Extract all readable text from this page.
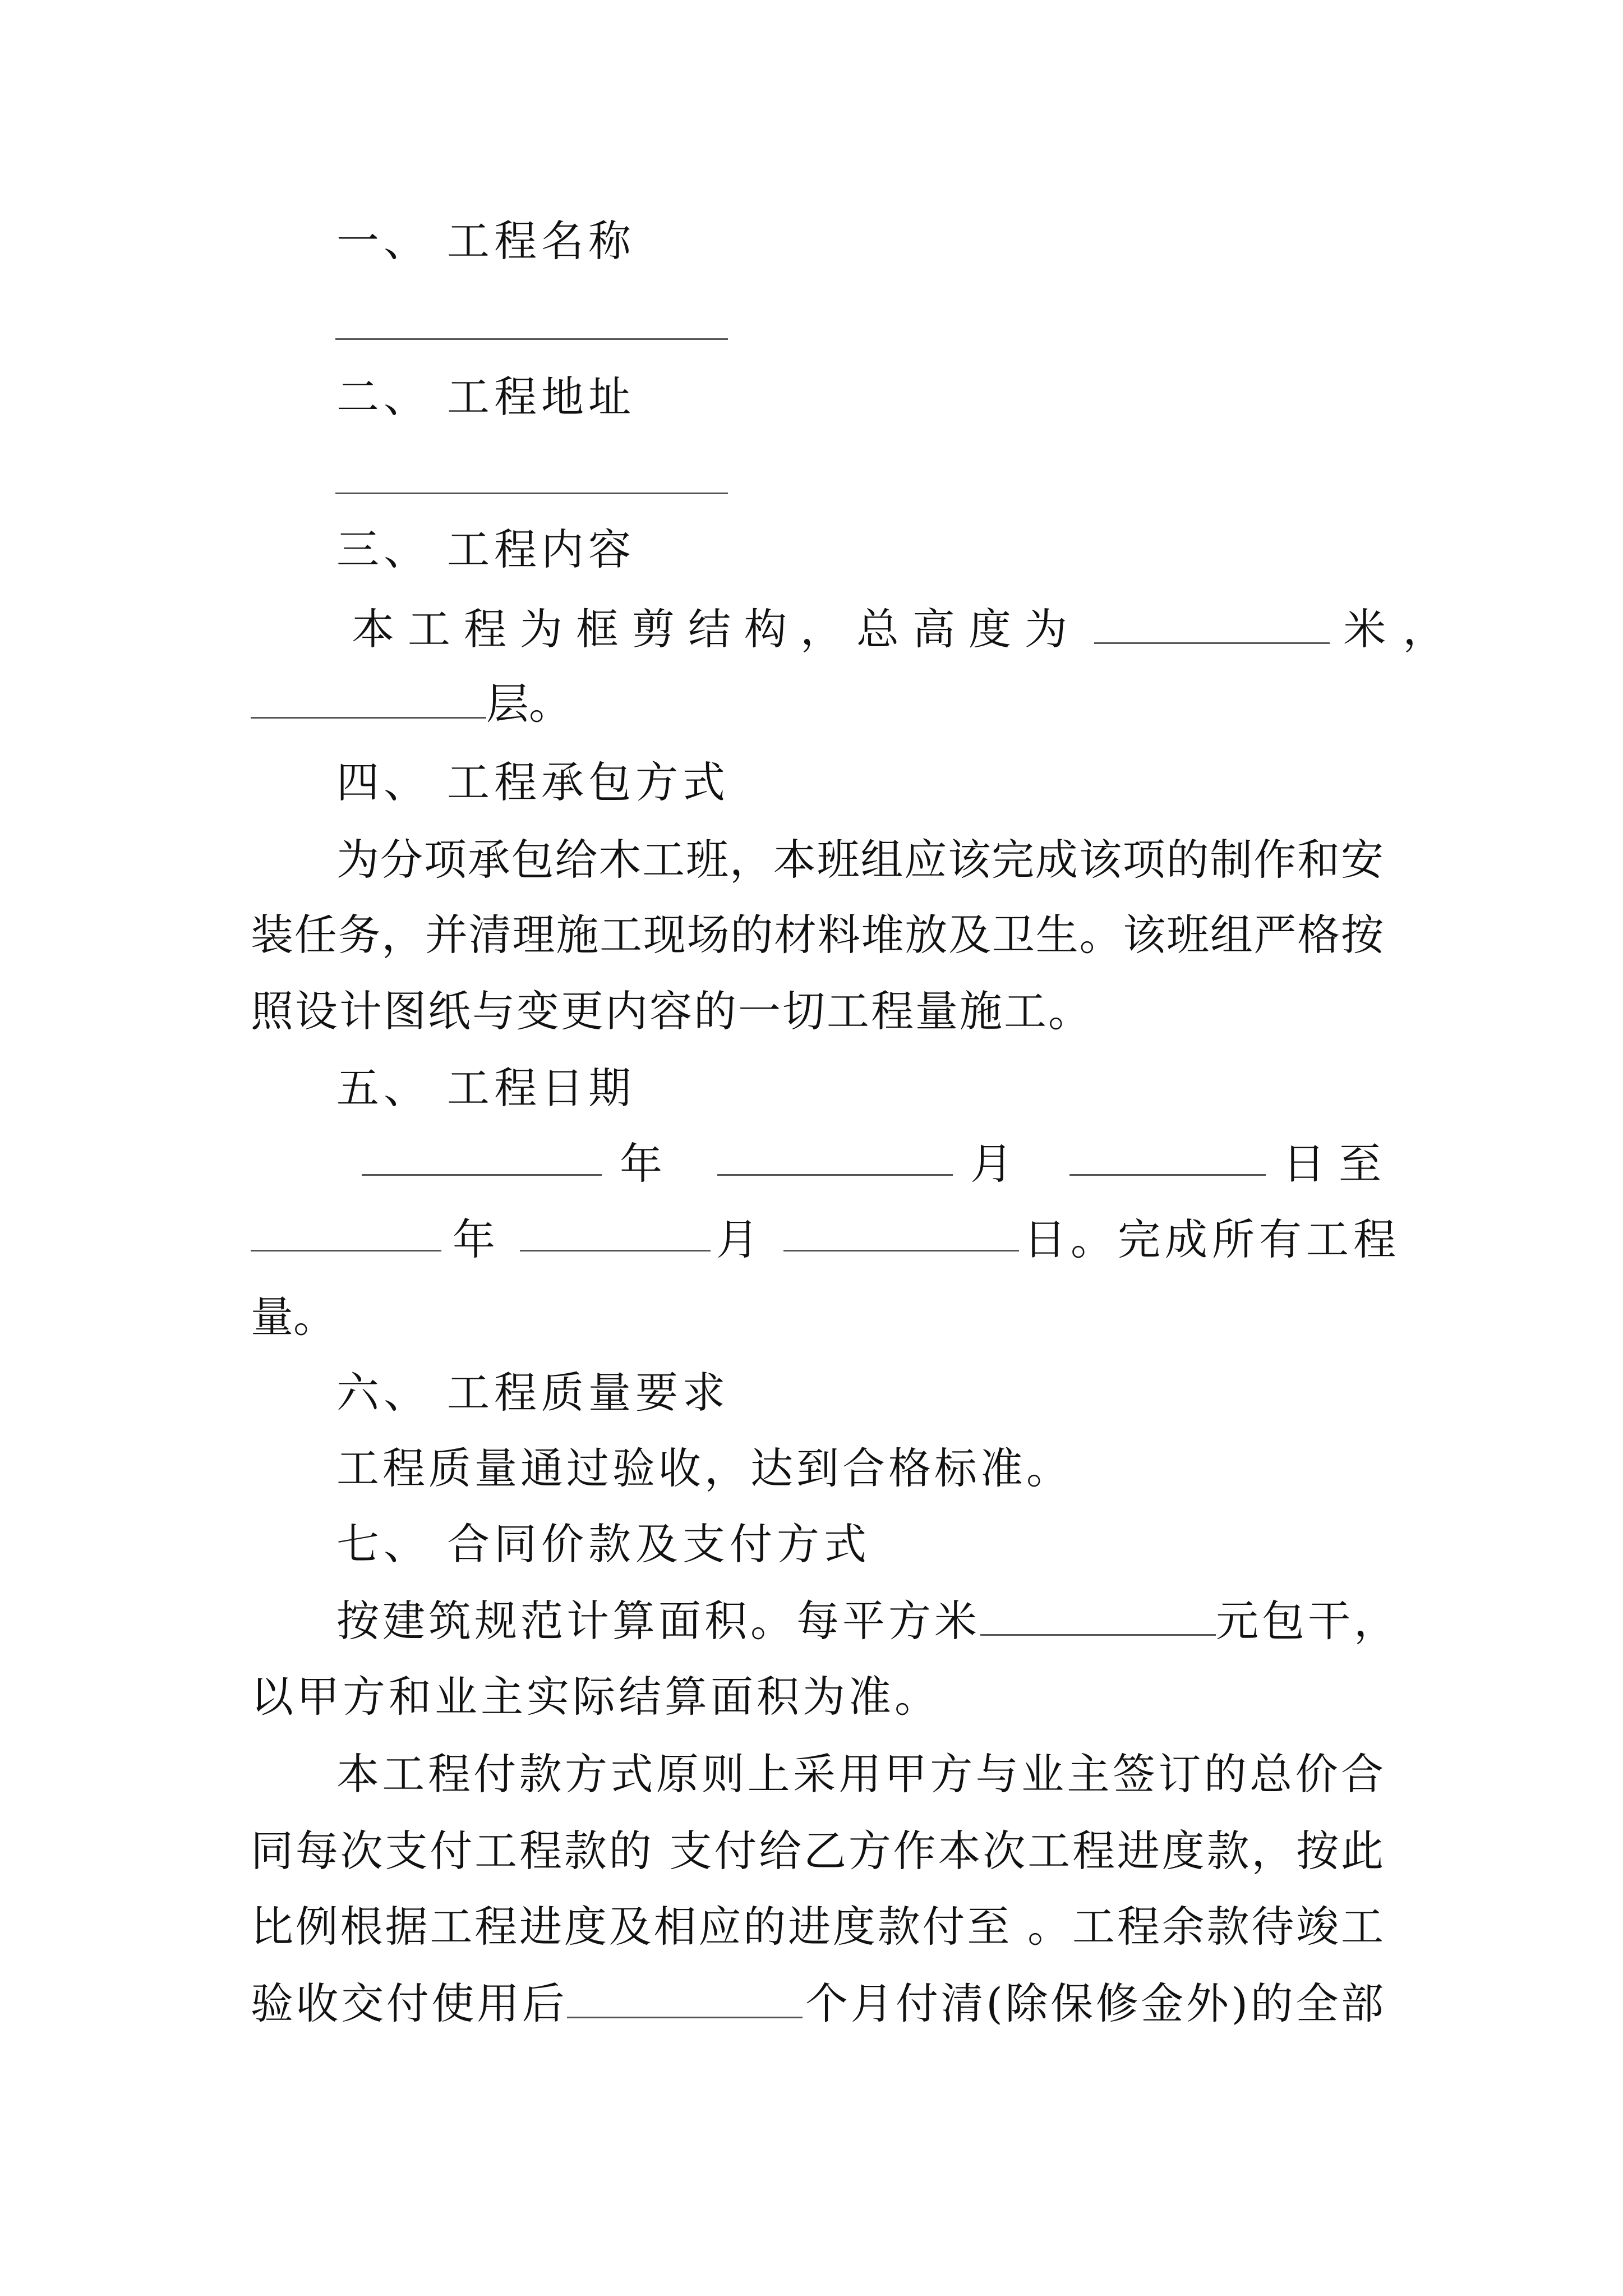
一、 工程名称

二、 工程地址

三、 工程内容

本工程为框剪结构，总高度为	米，

层。

四、 工程承包方式

为分项承包给木工班，本班组应该完成该项的制作和安

装任务，并清理施工现场的材料堆放及卫生。该班组严格按

照设计图纸与变更内容的一切工程量施工。

五、 工程日期

年	月	日至
年	月	日。完成所有工程

量。

六、 工程质量要求

工程质量通过验收，达到合格标准。

七、 合同价款及支付方式

按建筑规范计算面积。每平方米	元包干，

以甲方和业主实际结算面积为准。

本工程付款方式原则上采用甲方与业主签订的总价合

同每次支付工程款的 支付给乙方作本次工程进度款，按此

比例根据工程进度及相应的进度款付至 。工程余款待竣工

验收交付使用后	个月付清(除保修金外)的全部
